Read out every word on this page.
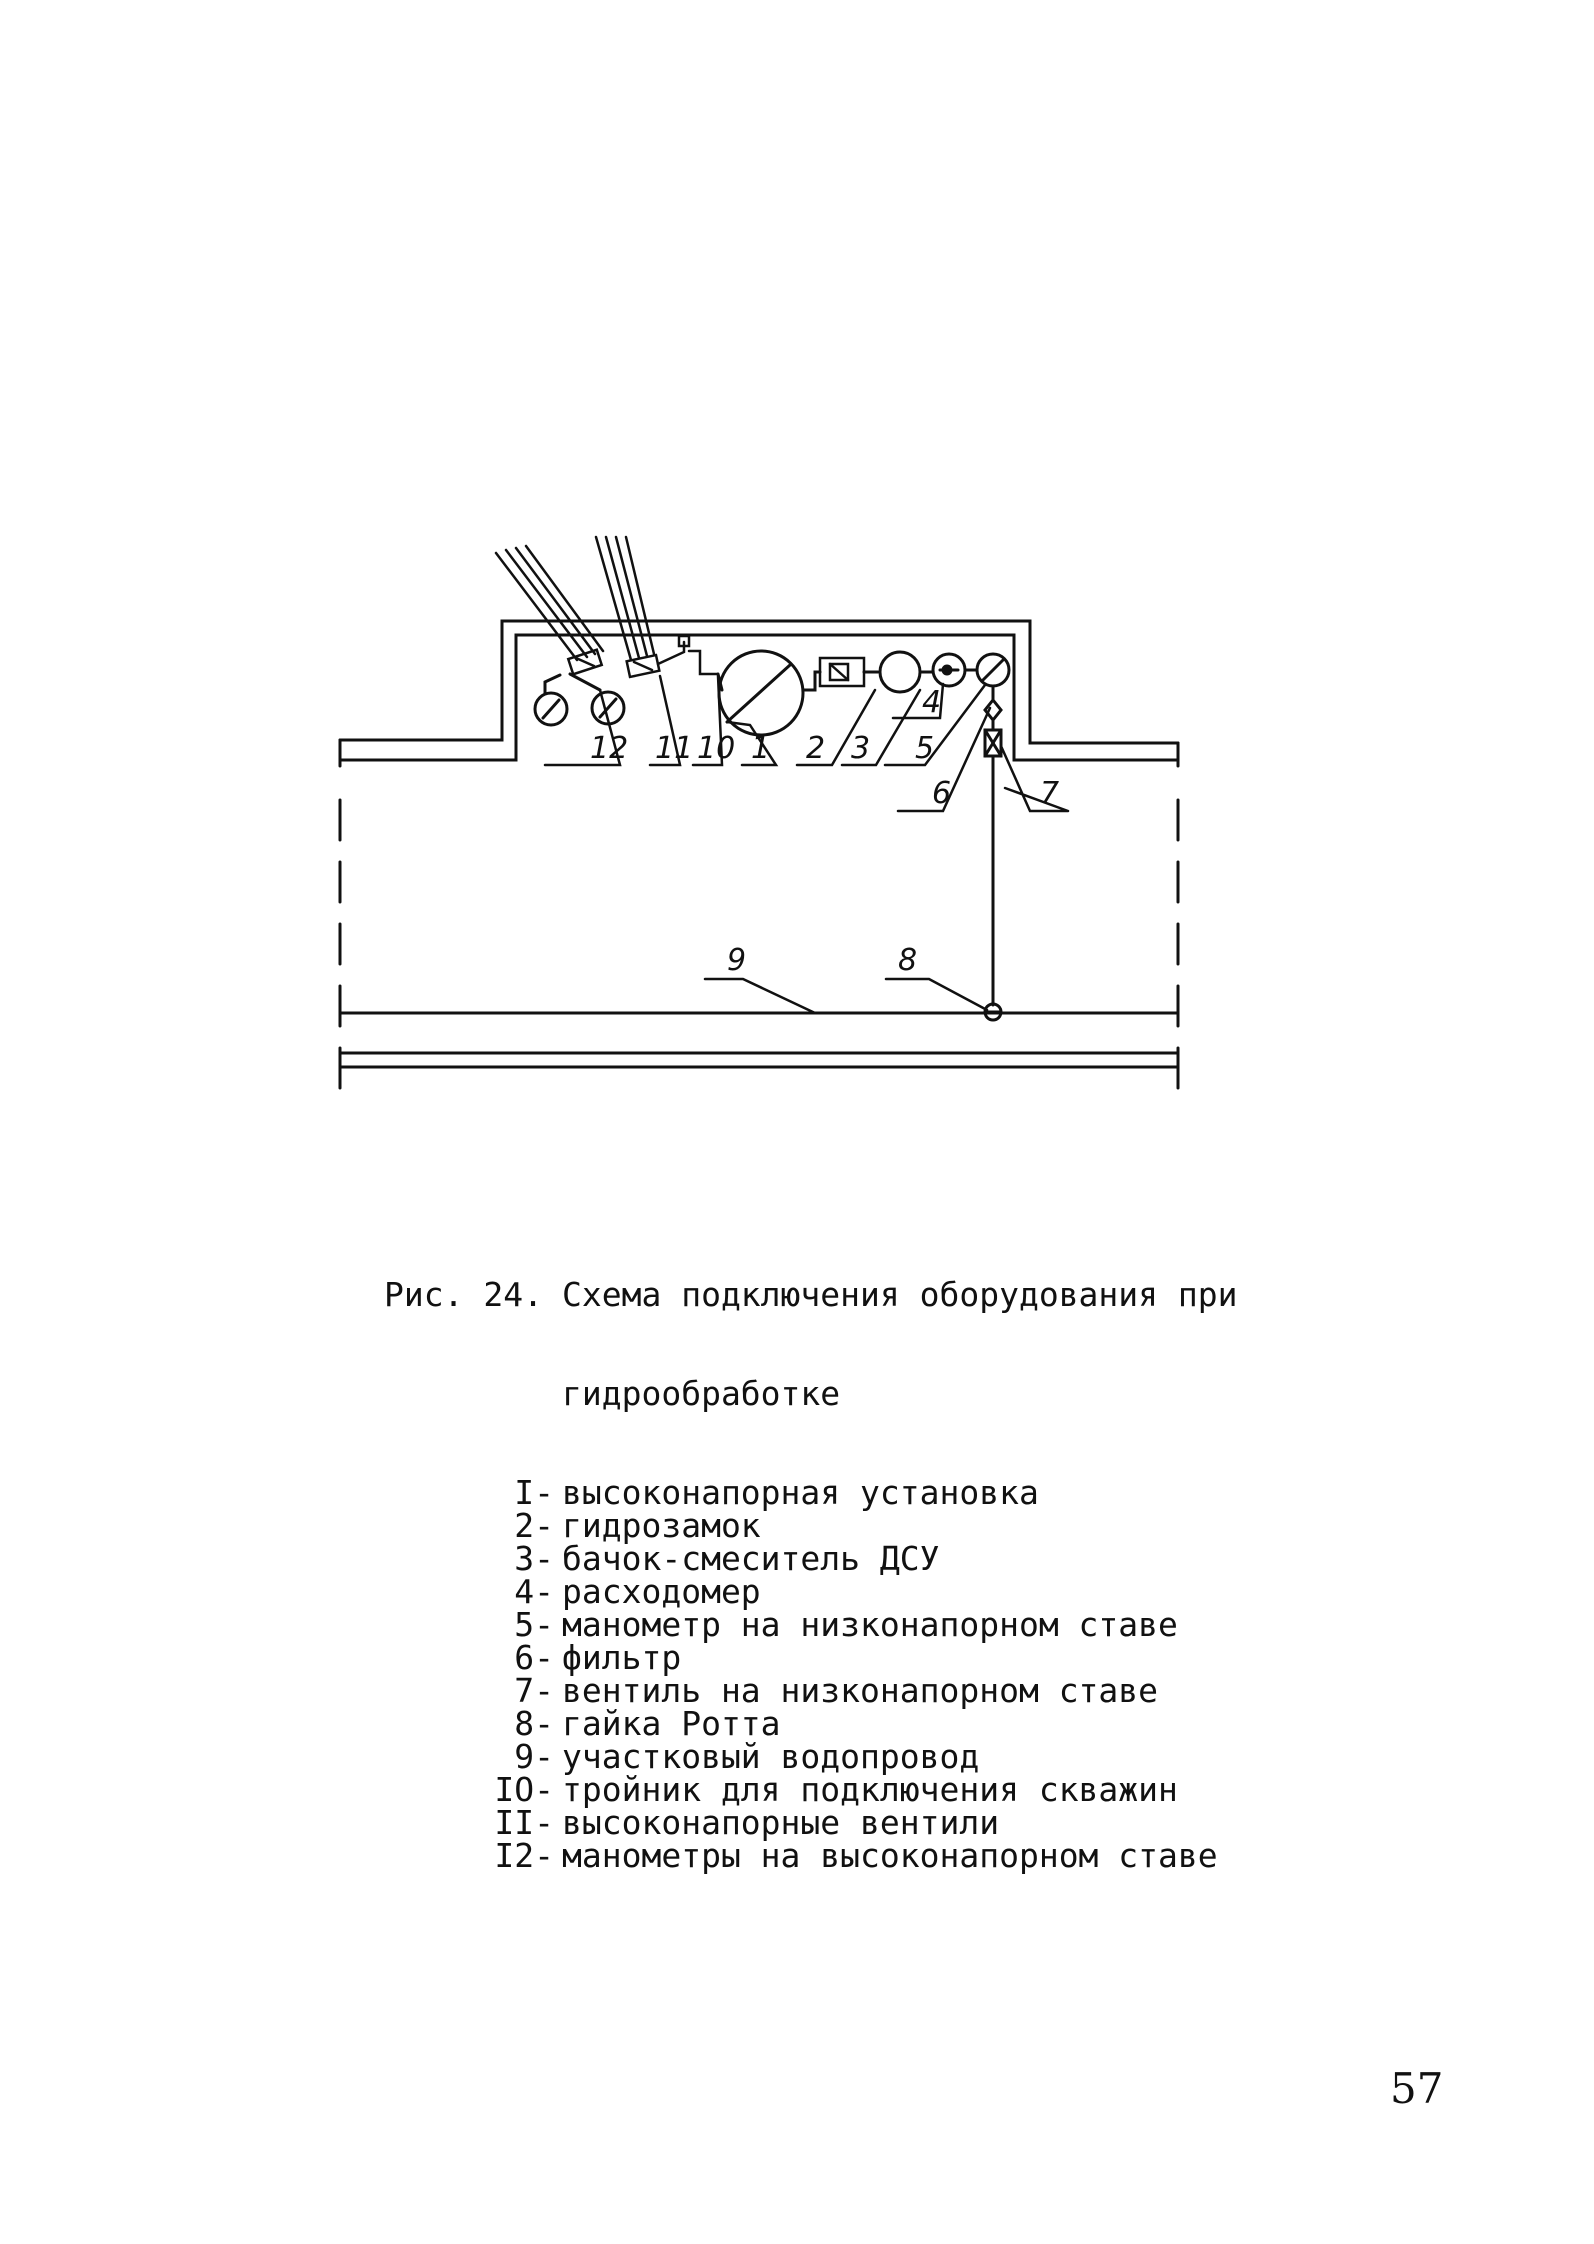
12 11 10 1 2 3
4
5
6	7
8
9

Рис. 24. Схема подключения оборудования при

гидрообработке

I- высоконапорная установка
2- гидрозамок
3- бачок-смеситель ДСУ
4- расходомер
5- манометр на низконапорном ставе
6- фильтр
7- вентиль на низконапорном ставе
8- гайка Ротта
9- участковый водопровод
IO- тройник для подключения скважин
II- высоконапорные вентили
I2- манометры на высоконапорном ставе

57
